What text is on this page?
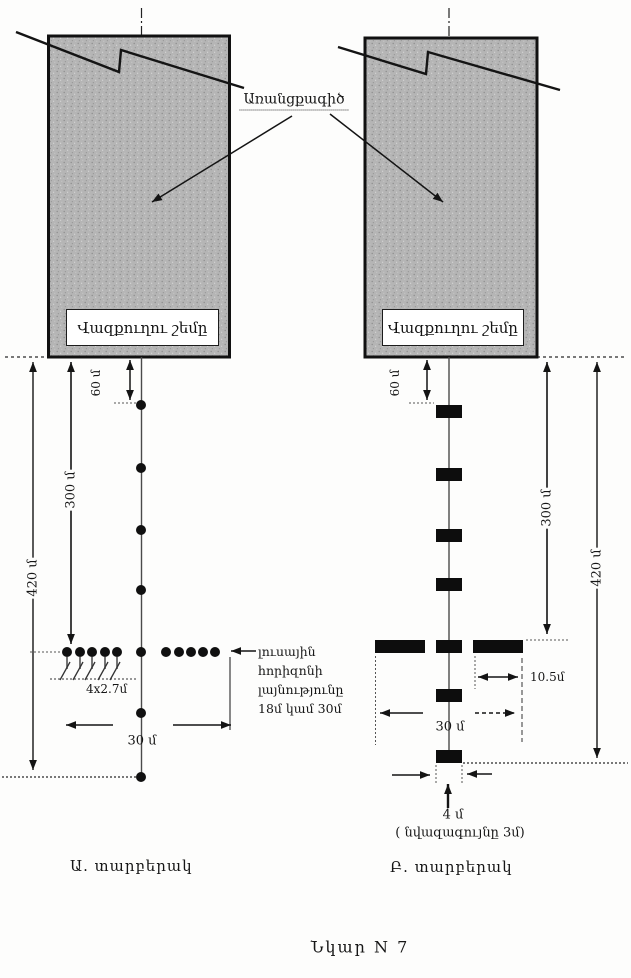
Առանցքագիծ
Վազքուղու շեմը	Վազքուղու շեմը
60 մ
300 մ
420 մ
4x2.7մ
30 մ
լուսային
հորիզոնի
լայնությունը
18մ կամ 30մ
60 մ
300 մ
420 մ
10.5մ
30 մ
4 մ
( նվազագույնը 3մ)
Ա. տարբերակ	Բ. տարբերակ
Նկար N 7
